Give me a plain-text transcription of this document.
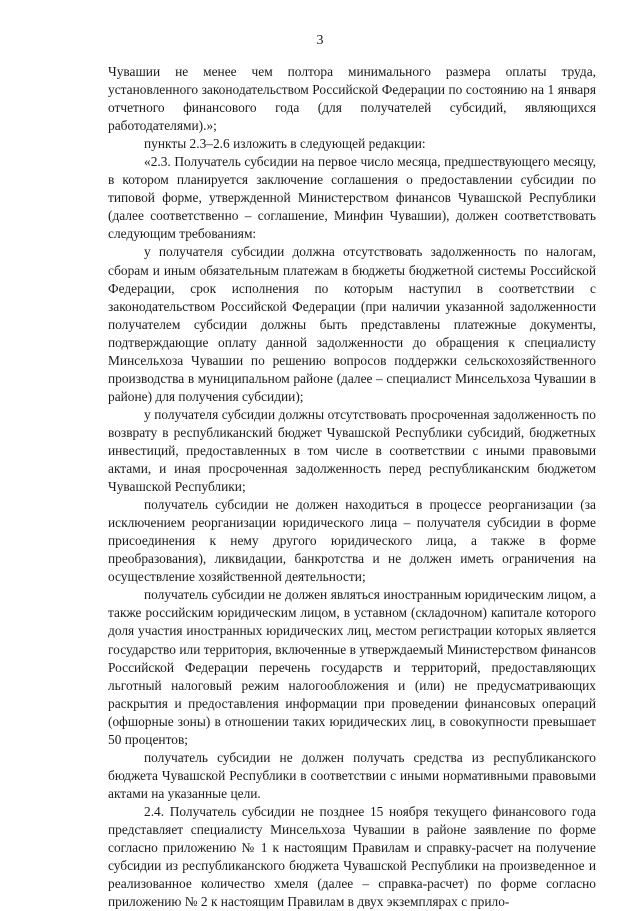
3

Чувашии не менее чем полтора минимального размера оплаты труда, установленного законодательством Российской Федерации по состоянию на 1 января отчетного финансового года (для получателей субсидий, являющихся работодателями).»;

пункты 2.3–2.6 изложить в следующей редакции:

«2.3. Получатель субсидии на первое число месяца, предшествующего месяцу, в котором планируется заключение соглашения о предоставлении субсидии по типовой форме, утвержденной Министерством финансов Чувашской Республики (далее соответственно – соглашение, Минфин Чувашии), должен соответствовать следующим требованиям:

у получателя субсидии должна отсутствовать задолженность по налогам, сборам и иным обязательным платежам в бюджеты бюджетной системы Российской Федерации, срок исполнения по которым наступил в соответствии с законодательством Российской Федерации (при наличии указанной задолженности получателем субсидии должны быть представлены платежные документы, подтверждающие оплату данной задолженности до обращения к специалисту Минсельхоза Чувашии по решению вопросов поддержки сельскохозяйственного производства в муниципальном районе (далее – специалист Минсельхоза Чувашии в районе) для получения субсидии);

у получателя субсидии должны отсутствовать просроченная задолженность по возврату в республиканский бюджет Чувашской Республики субсидий, бюджетных инвестиций, предоставленных в том числе в соответствии с иными правовыми актами, и иная просроченная задолженность перед республиканским бюджетом Чувашской Республики;

получатель субсидии не должен находиться в процессе реорганизации (за исключением реорганизации юридического лица – получателя субсидии в форме присоединения к нему другого юридического лица, а также в форме преобразования), ликвидации, банкротства и не должен иметь ограничения на осуществление хозяйственной деятельности;

получатель субсидии не должен являться иностранным юридическим лицом, а также российским юридическим лицом, в уставном (складочном) капитале которого доля участия иностранных юридических лиц, местом регистрации которых является государство или территория, включенные в утверждаемый Министерством финансов Российской Федерации перечень государств и территорий, предоставляющих льготный налоговый режим налогообложения и (или) не предусматривающих раскрытия и предоставления информации при проведении финансовых операций (офшорные зоны) в отношении таких юридических лиц, в совокупности превышает 50 процентов;

получатель субсидии не должен получать средства из республиканского бюджета Чувашской Республики в соответствии с иными нормативными правовыми актами на указанные цели.

2.4. Получатель субсидии не позднее 15 ноября текущего финансового года представляет специалисту Минсельхоза Чувашии в районе заявление по форме согласно приложению № 1 к настоящим Правилам и справку-расчет на получение субсидии из республиканского бюджета Чувашской Республики на произведенное и реализованное количество хмеля (далее – справка-расчет) по форме согласно приложению № 2 к настоящим Правилам в двух экземплярах с прило-
